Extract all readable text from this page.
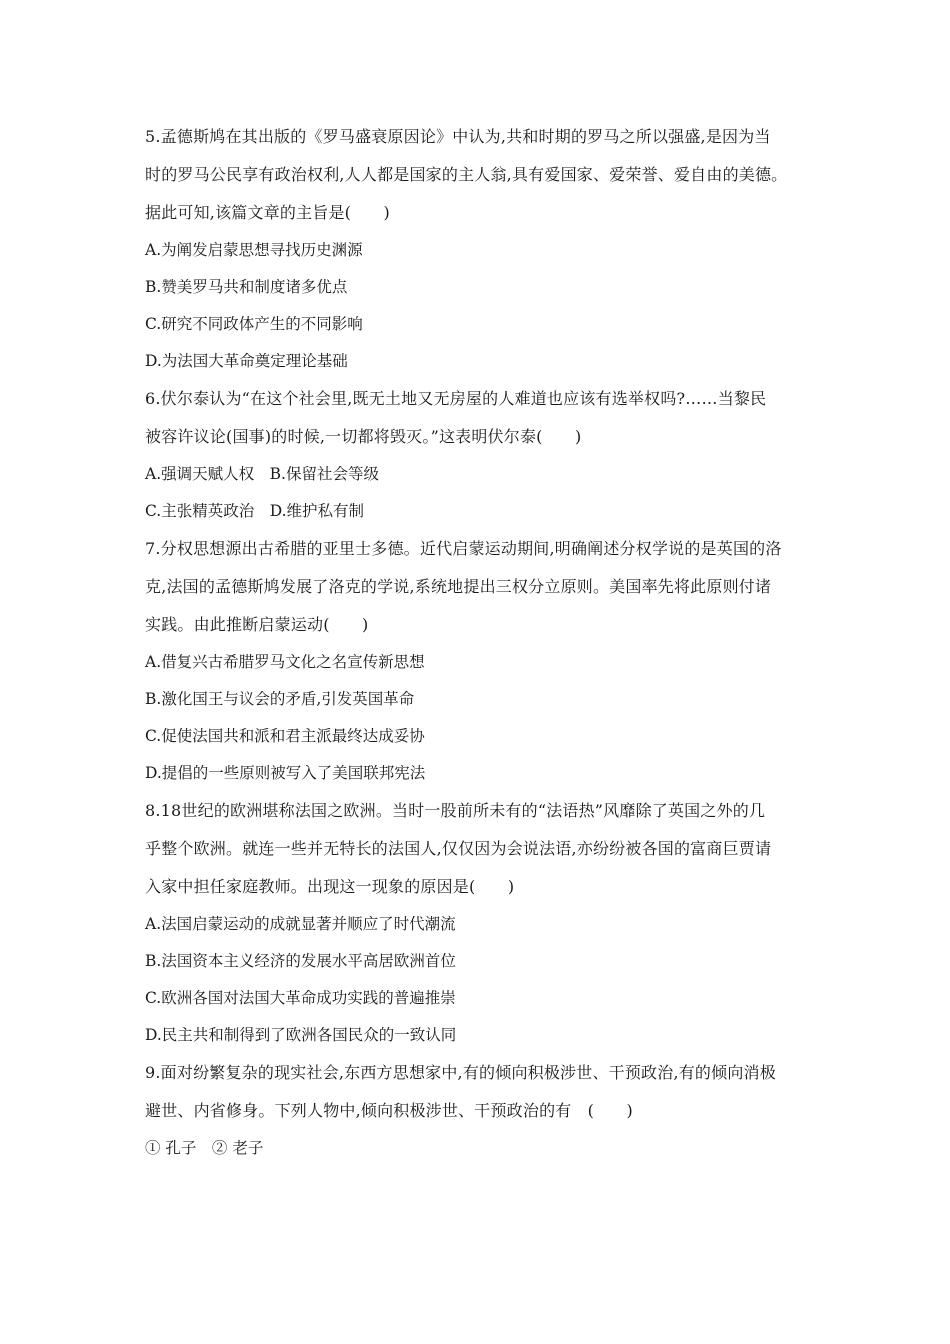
5.孟德斯鸠在其出版的《罗马盛衰原因论》中认为,共和时期的罗马之所以强盛,是因为当
时的罗马公民享有政治权利,人人都是国家的主人翁,具有爱国家、爱荣誉、爱自由的美德。
据此可知,该篇文章的主旨是(　　)
A.为阐发启蒙思想寻找历史渊源
B.赞美罗马共和制度诸多优点
C.研究不同政体产生的不同影响
D.为法国大革命奠定理论基础
6.伏尔泰认为“在这个社会里,既无土地又无房屋的人难道也应该有选举权吗?……当黎民
被容许议论(国事)的时候,一切都将毁灭。”这表明伏尔泰(　　)
A.强调天赋人权　B.保留社会等级
C.主张精英政治　D.维护私有制
7.分权思想源出古希腊的亚里士多德。近代启蒙运动期间,明确阐述分权学说的是英国的洛
克,法国的孟德斯鸠发展了洛克的学说,系统地提出三权分立原则。美国率先将此原则付诸
实践。由此推断启蒙运动(　　)
A.借复兴古希腊罗马文化之名宣传新思想
B.激化国王与议会的矛盾,引发英国革命
C.促使法国共和派和君主派最终达成妥协
D.提倡的一些原则被写入了美国联邦宪法
8.18世纪的欧洲堪称法国之欧洲。当时一股前所未有的“法语热”风靡除了英国之外的几
乎整个欧洲。就连一些并无特长的法国人,仅仅因为会说法语,亦纷纷被各国的富商巨贾请
入家中担任家庭教师。出现这一现象的原因是(　　)
A.法国启蒙运动的成就显著并顺应了时代潮流
B.法国资本主义经济的发展水平高居欧洲首位
C.欧洲各国对法国大革命成功实践的普遍推崇
D.民主共和制得到了欧洲各国民众的一致认同
9.面对纷繁复杂的现实社会,东西方思想家中,有的倾向积极涉世、干预政治,有的倾向消极
避世、内省修身。下列人物中,倾向积极涉世、干预政治的有　(　　)
① 孔子　② 老子
